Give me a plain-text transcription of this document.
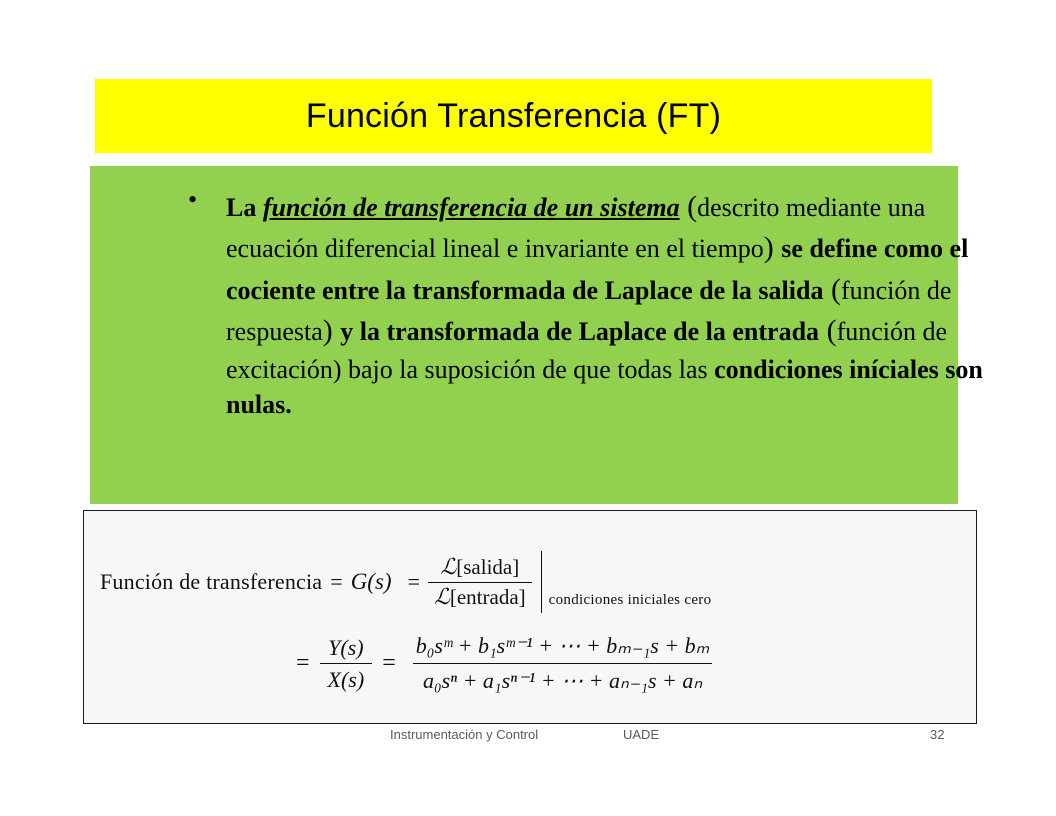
Función Transferencia (FT)
• La función de transferencia de un sistema (descrito mediante una ecuación diferencial lineal e invariante en el tiempo) se define como el cociente entre la transformada de Laplace de la salida (función de respuesta) y la transformada de Laplace de la entrada (función de excitación) bajo la suposición de que todas las condiciones iníciales son nulas.
Función de transferencia = $G(s) = \frac{\text{ℒ[salida]}}{\text{ℒ[entrada]}}$ condiciones iniciales cero
= $\frac{Y(s)}{X(s)} = \frac{\text{b₀sᵐ + b₁sᵐ⁻¹ + ⋯ + bₘ₋₁s + bₘ}}{\text{a₀sⁿ + a₁sⁿ⁻¹ + ⋯ + aₙ₋₁s + aₙ}}$
Instrumentación y Control	UADE	32
